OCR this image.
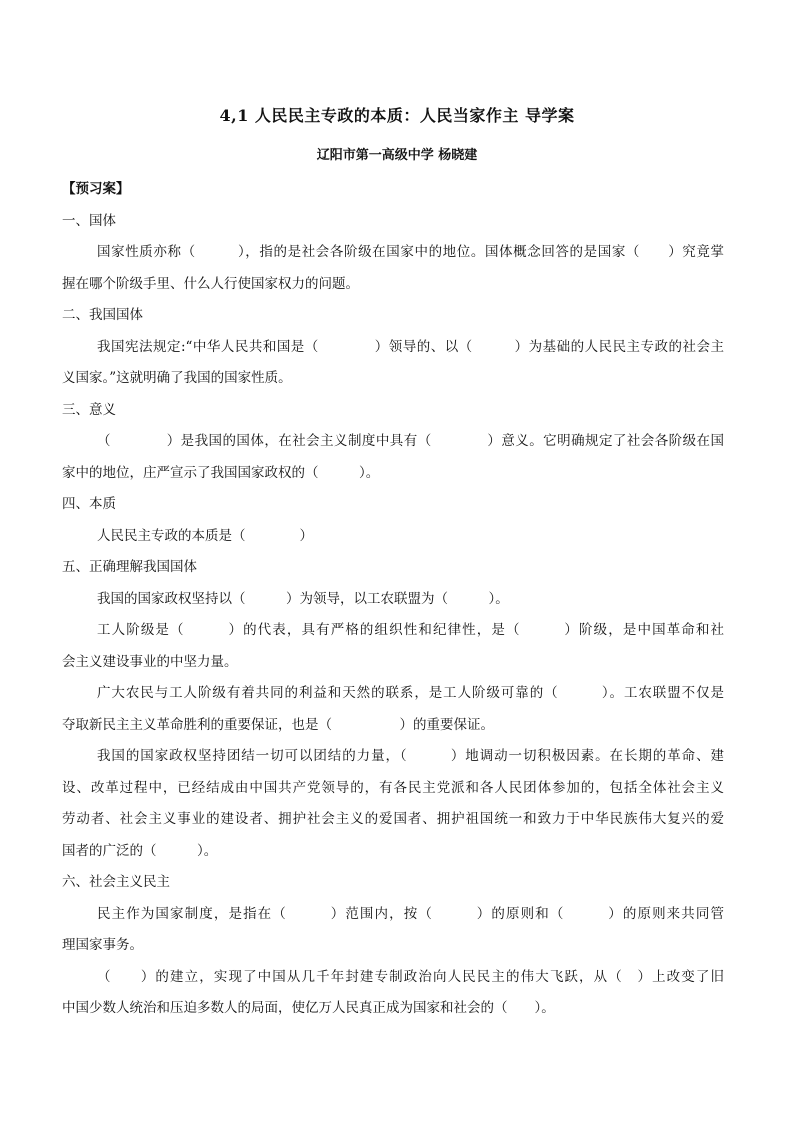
4,1 人民民主专政的本质：人民当家作主 导学案
辽阳市第一高级中学 杨晓建
【预习案】
一、国体
国家性质亦称（　　　），指的是社会各阶级在国家中的地位。国体概念回答的是国家（　　）究竟掌
握在哪个阶级手里、什么人行使国家权力的问题。
二、我国国体
我国宪法规定:“中华人民共和国是（　　　　）领导的、以（　　　）为基础的人民民主专政的社会主
义国家。”这就明确了我国的国家性质。
三、意义
（　　　　）是我国的国体，在社会主义制度中具有（　　　　）意义。它明确规定了社会各阶级在国
家中的地位，庄严宣示了我国国家政权的（　　　）。
四、本质
人民民主专政的本质是（　　　　）
五、正确理解我国国体
我国的国家政权坚持以（　　　）为领导，以工农联盟为（　　　）。
工人阶级是（　　　）的代表，具有严格的组织性和纪律性，是（　　　）阶级，是中国革命和社
会主义建设事业的中坚力量。
广大农民与工人阶级有着共同的利益和天然的联系，是工人阶级可靠的（　　　）。工农联盟不仅是
夺取新民主主义革命胜利的重要保证，也是（　　　　　）的重要保证。
我国的国家政权坚持团结一切可以团结的力量，（　　　）地调动一切积极因素。在长期的革命、建
设、改革过程中，已经结成由中国共产党领导的，有各民主党派和各人民团体参加的，包括全体社会主义
劳动者、社会主义事业的建设者、拥护社会主义的爱国者、拥护祖国统一和致力于中华民族伟大复兴的爱
国者的广泛的（　　　）。
六、社会主义民主
民主作为国家制度，是指在（　　　）范围内，按（　　　）的原则和（　　　）的原则来共同管
理国家事务。
（　　）的建立，实现了中国从几千年封建专制政治向人民民主的伟大飞跃，从（　）上改变了旧
中国少数人统治和压迫多数人的局面，使亿万人民真正成为国家和社会的（　　）。
